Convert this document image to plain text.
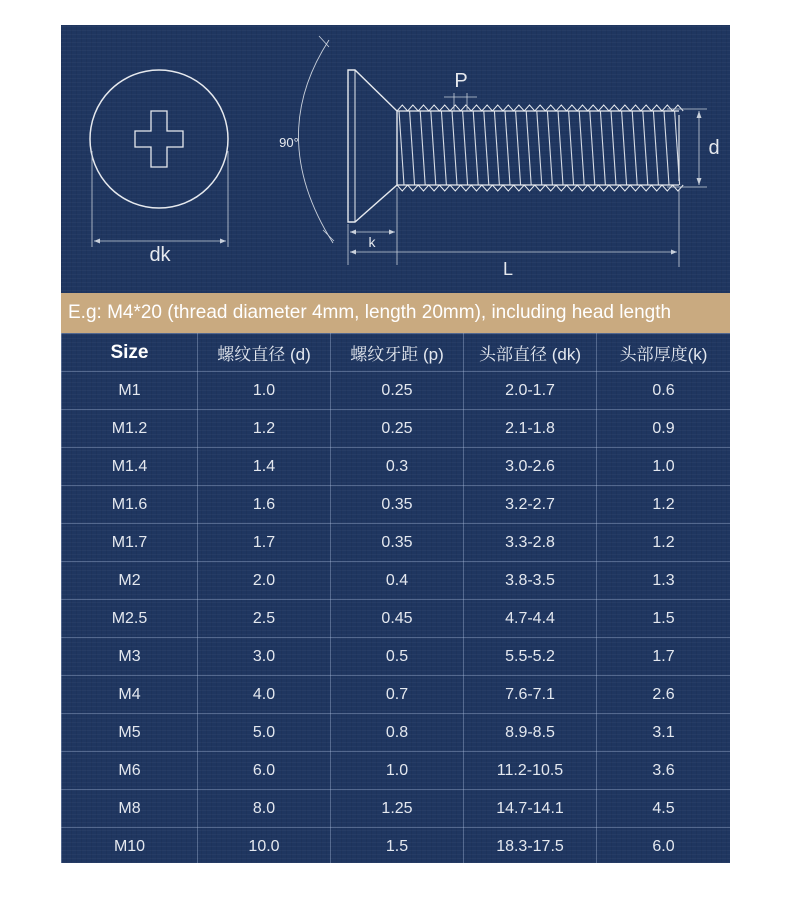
dk
90°
P
d
k
L
E.g: M4*20 (thread diameter 4mm, length 20mm), including head length
Size	螺纹直径 (d)	螺纹牙距 (p)	头部直径 (dk)	头部厚度(k)
M1	1.0	0.25	2.0-1.7	0.6
M1.2	1.2	0.25	2.1-1.8	0.9
M1.4	1.4	0.3	3.0-2.6	1.0
M1.6	1.6	0.35	3.2-2.7	1.2
M1.7	1.7	0.35	3.3-2.8	1.2
M2	2.0	0.4	3.8-3.5	1.3
M2.5	2.5	0.45	4.7-4.4	1.5
M3	3.0	0.5	5.5-5.2	1.7
M4	4.0	0.7	7.6-7.1	2.6
M5	5.0	0.8	8.9-8.5	3.1
M6	6.0	1.0	11.2-10.5	3.6
M8	8.0	1.25	14.7-14.1	4.5
M10	10.0	1.5	18.3-17.5	6.0
